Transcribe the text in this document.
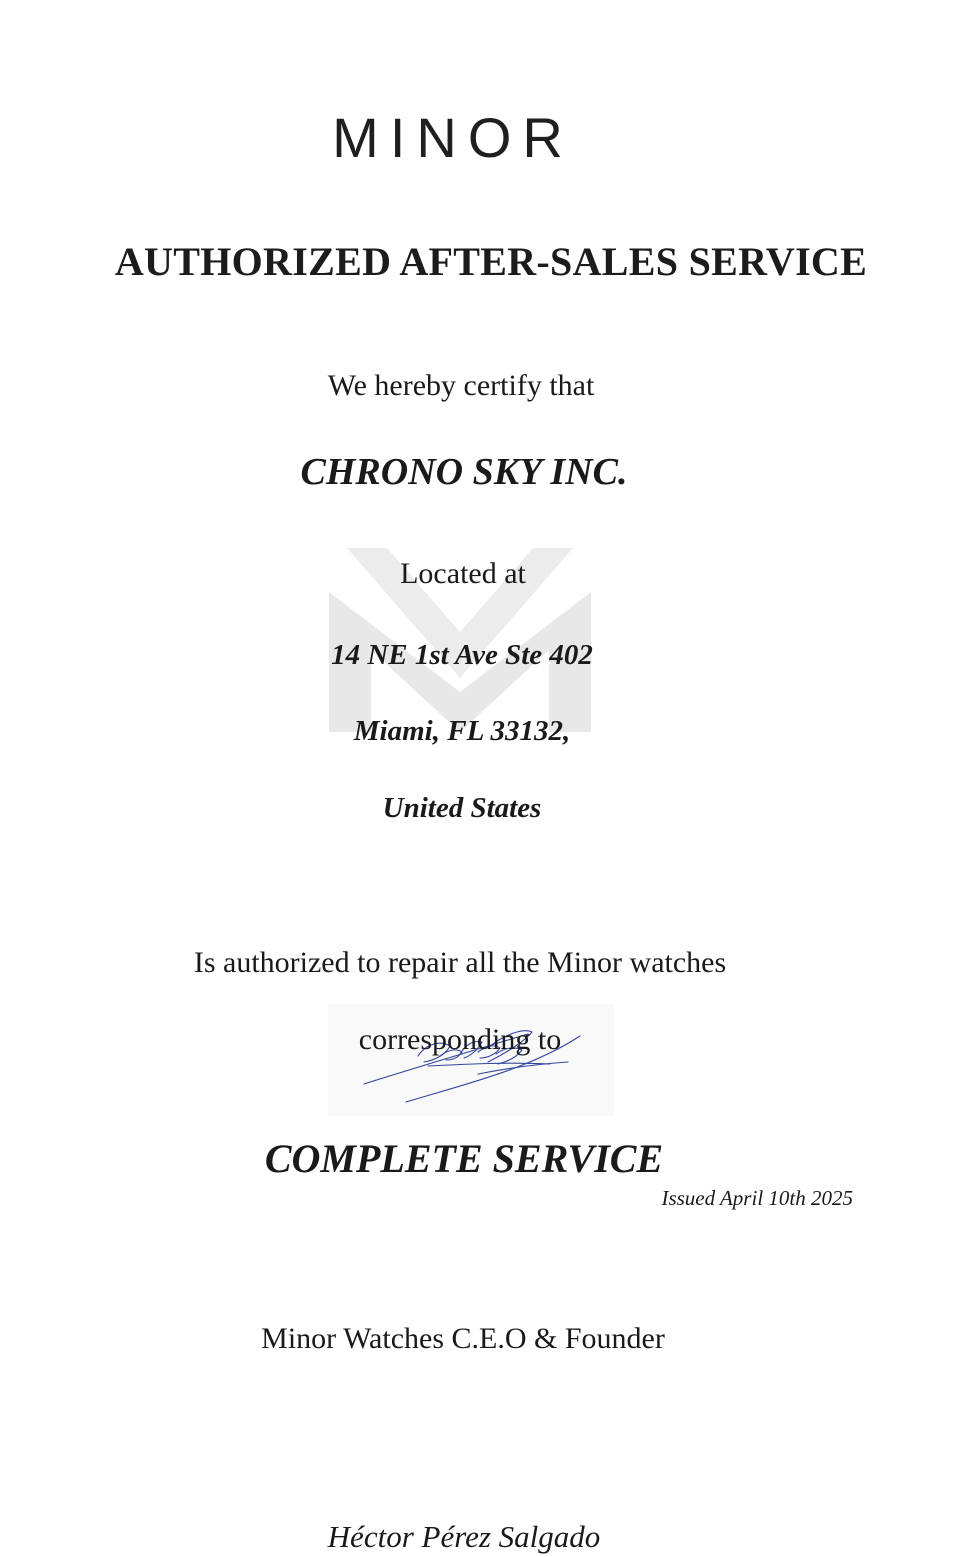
MINOR
AUTHORIZED AFTER-SALES SERVICE
We hereby certify that
CHRONO SKY INC.
Located at
14 NE 1st Ave Ste 402
Miami, FL 33132,
United States
Is authorized to repair all the Minor watches
corresponding to
COMPLETE SERVICE
Minor Watches C.E.O & Founder
Héctor Pérez Salgado
Issued April 10th 2025
